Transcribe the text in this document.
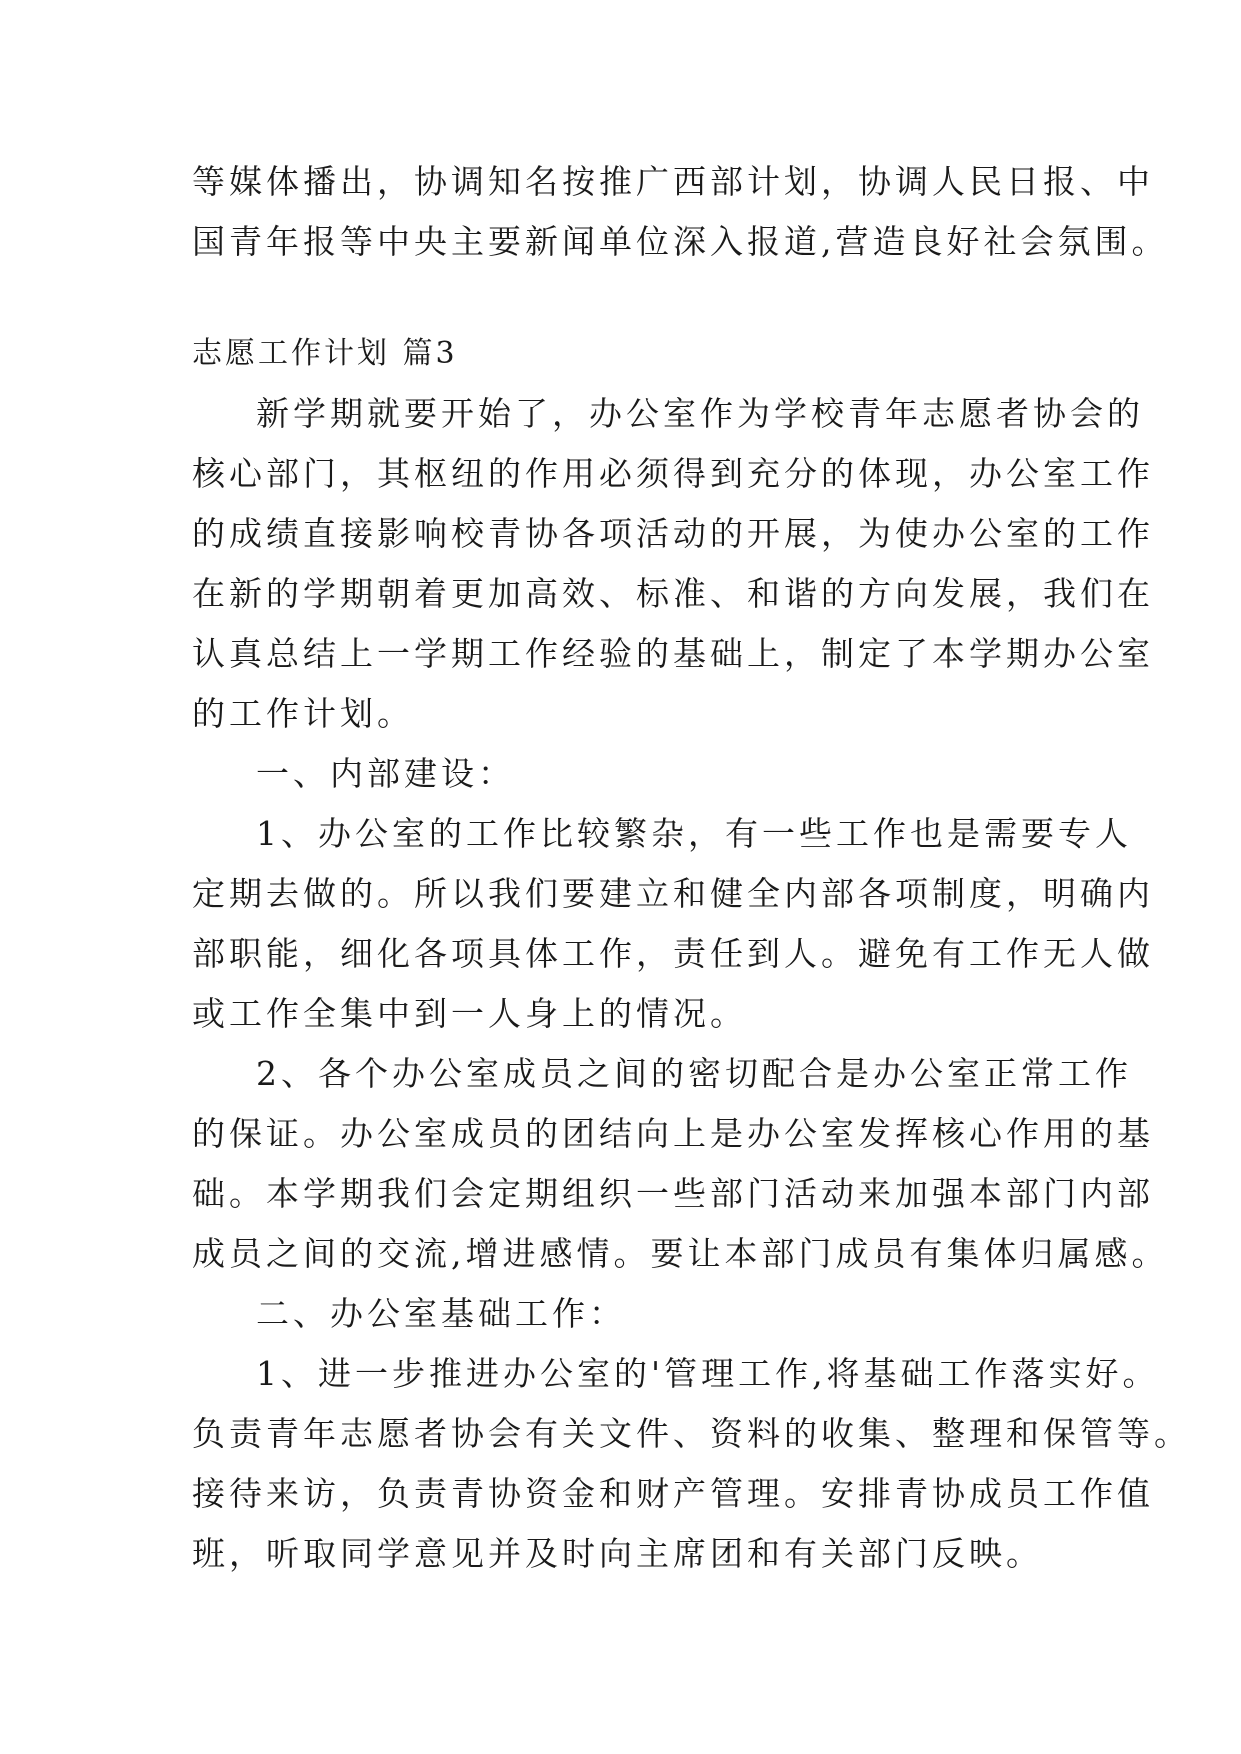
等媒体播出，协调知名按推广西部计划，协调人民日报、中
国青年报等中央主要新闻单位深入报道,营造良好社会氛围。
志愿工作计划 篇3
新学期就要开始了，办公室作为学校青年志愿者协会的
核心部门，其枢纽的作用必须得到充分的体现，办公室工作
的成绩直接影响校青协各项活动的开展，为使办公室的工作
在新的学期朝着更加高效、标准、和谐的方向发展，我们在
认真总结上一学期工作经验的基础上，制定了本学期办公室
的工作计划。
一、内部建设：
1、办公室的工作比较繁杂，有一些工作也是需要专人
定期去做的。所以我们要建立和健全内部各项制度，明确内
部职能，细化各项具体工作，责任到人。避免有工作无人做
或工作全集中到一人身上的情况。
2、各个办公室成员之间的密切配合是办公室正常工作
的保证。办公室成员的团结向上是办公室发挥核心作用的基
础。本学期我们会定期组织一些部门活动来加强本部门内部
成员之间的交流,增进感情。要让本部门成员有集体归属感。
二、办公室基础工作：
1、进一步推进办公室的'管理工作,将基础工作落实好。
负责青年志愿者协会有关文件、资料的收集、整理和保管等。
接待来访，负责青协资金和财产管理。安排青协成员工作值
班，听取同学意见并及时向主席团和有关部门反映。
